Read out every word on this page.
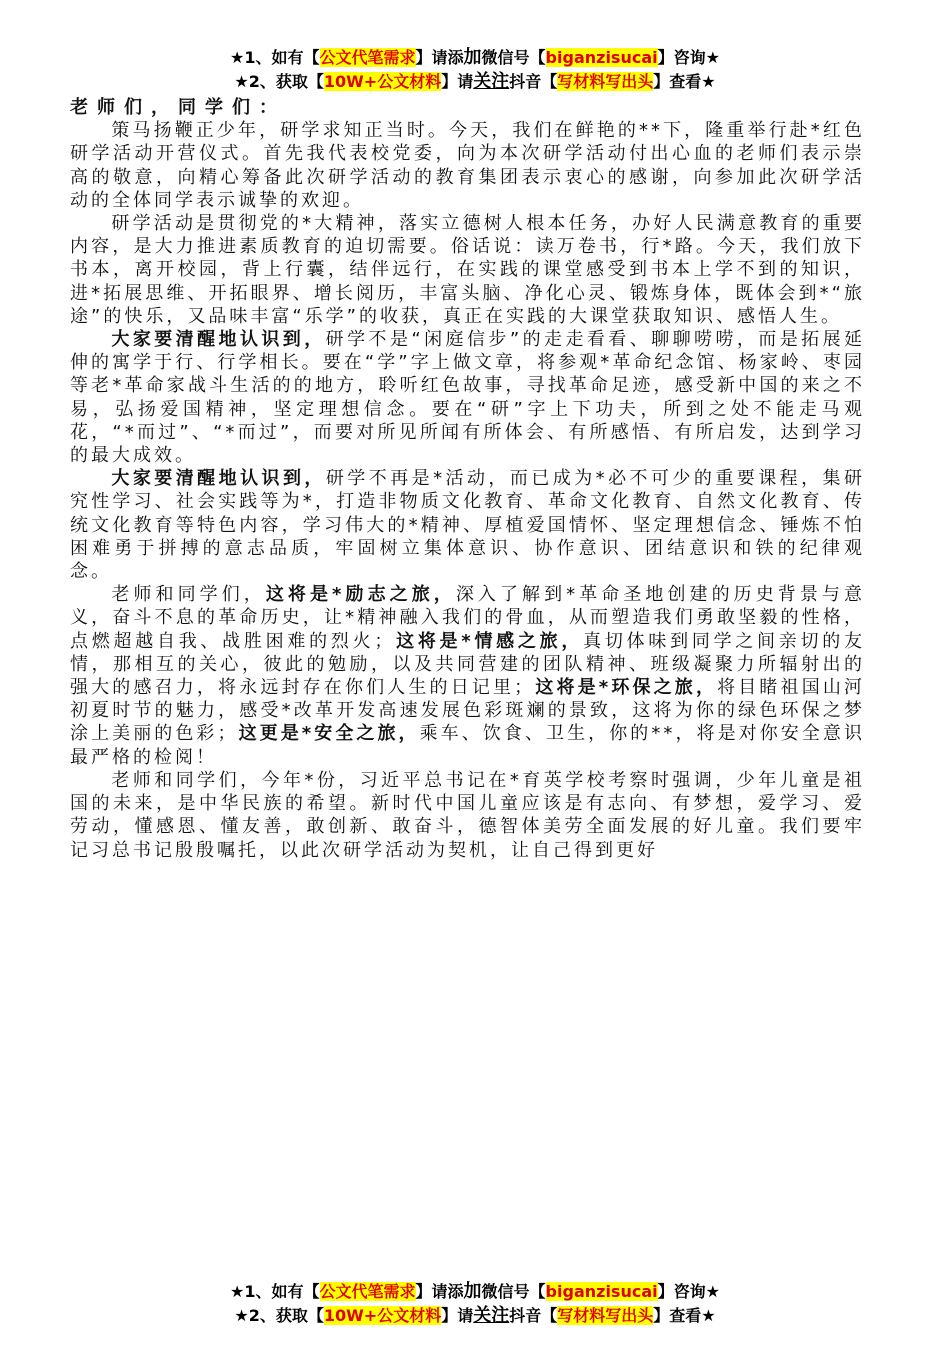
★1、如有【公文代笔需求】请添加微信号【biganzisucai】咨询★
★2、获取【10W+公文材料】请关注抖音【写材料写出头】查看★

老师们，同学们：

策马扬鞭正少年，研学求知正当时。今天，我们在鲜艳的**下，隆重举行赴*红色研学活动开营仪式。首先我代表校党委，向为本次研学活动付出心血的老师们表示崇高的敬意，向精心筹备此次研学活动的教育集团表示衷心的感谢，向参加此次研学活动的全体同学表示诚挚的欢迎。

研学活动是贯彻党的*大精神，落实立德树人根本任务，办好人民满意教育的重要内容，是大力推进素质教育的迫切需要。俗话说：读万卷书，行*路。今天，我们放下书本，离开校园，背上行囊，结伴远行，在实践的课堂感受到书本上学不到的知识，进*拓展思维、开拓眼界、增长阅历，丰富头脑、净化心灵、锻炼身体，既体会到*“旅途”的快乐，又品味丰富“乐学”的收获，真正在实践的大课堂获取知识、感悟人生。

大家要清醒地认识到，研学不是“闲庭信步”的走走看看、聊聊唠唠，而是拓展延伸的寓学于行、行学相长。要在“学”字上做文章，将参观*革命纪念馆、杨家岭、枣园等老*革命家战斗生活的的地方，聆听红色故事，寻找革命足迹，感受新中国的来之不易，弘扬爱国精神，坚定理想信念。要在“研”字上下功夫，所到之处不能走马观花，“*而过”、“*而过”，而要对所见所闻有所体会、有所感悟、有所启发，达到学习的最大成效。

大家要清醒地认识到，研学不再是*活动，而已成为*必不可少的重要课程，集研究性学习、社会实践等为*，打造非物质文化教育、革命文化教育、自然文化教育、传统文化教育等特色内容，学习伟大的*精神、厚植爱国情怀、坚定理想信念、锤炼不怕困难勇于拼搏的意志品质，牢固树立集体意识、协作意识、团结意识和铁的纪律观念。

老师和同学们，这将是*励志之旅，深入了解到*革命圣地创建的历史背景与意义，奋斗不息的革命历史，让*精神融入我们的骨血，从而塑造我们勇敢坚毅的性格，点燃超越自我、战胜困难的烈火；这将是*情感之旅，真切体味到同学之间亲切的友情，那相互的关心，彼此的勉励，以及共同营建的团队精神、班级凝聚力所辐射出的强大的感召力，将永远封存在你们人生的日记里；这将是*环保之旅，将目睹祖国山河初夏时节的魅力，感受*改革开发高速发展色彩斑斓的景致，这将为你的绿色环保之梦涂上美丽的色彩；这更是*安全之旅，乘车、饮食、卫生，你的**，将是对你安全意识最严格的检阅！

老师和同学们，今年*份，习近平总书记在*育英学校考察时强调，少年儿童是祖国的未来，是中华民族的希望。新时代中国儿童应该是有志向、有梦想，爱学习、爱劳动，懂感恩、懂友善，敢创新、敢奋斗，德智体美劳全面发展的好儿童。我们要牢记习总书记殷殷嘱托，以此次研学活动为契机，让自己得到更好

★1、如有【公文代笔需求】请添加微信号【biganzisucai】咨询★
★2、获取【10W+公文材料】请关注抖音【写材料写出头】查看★
